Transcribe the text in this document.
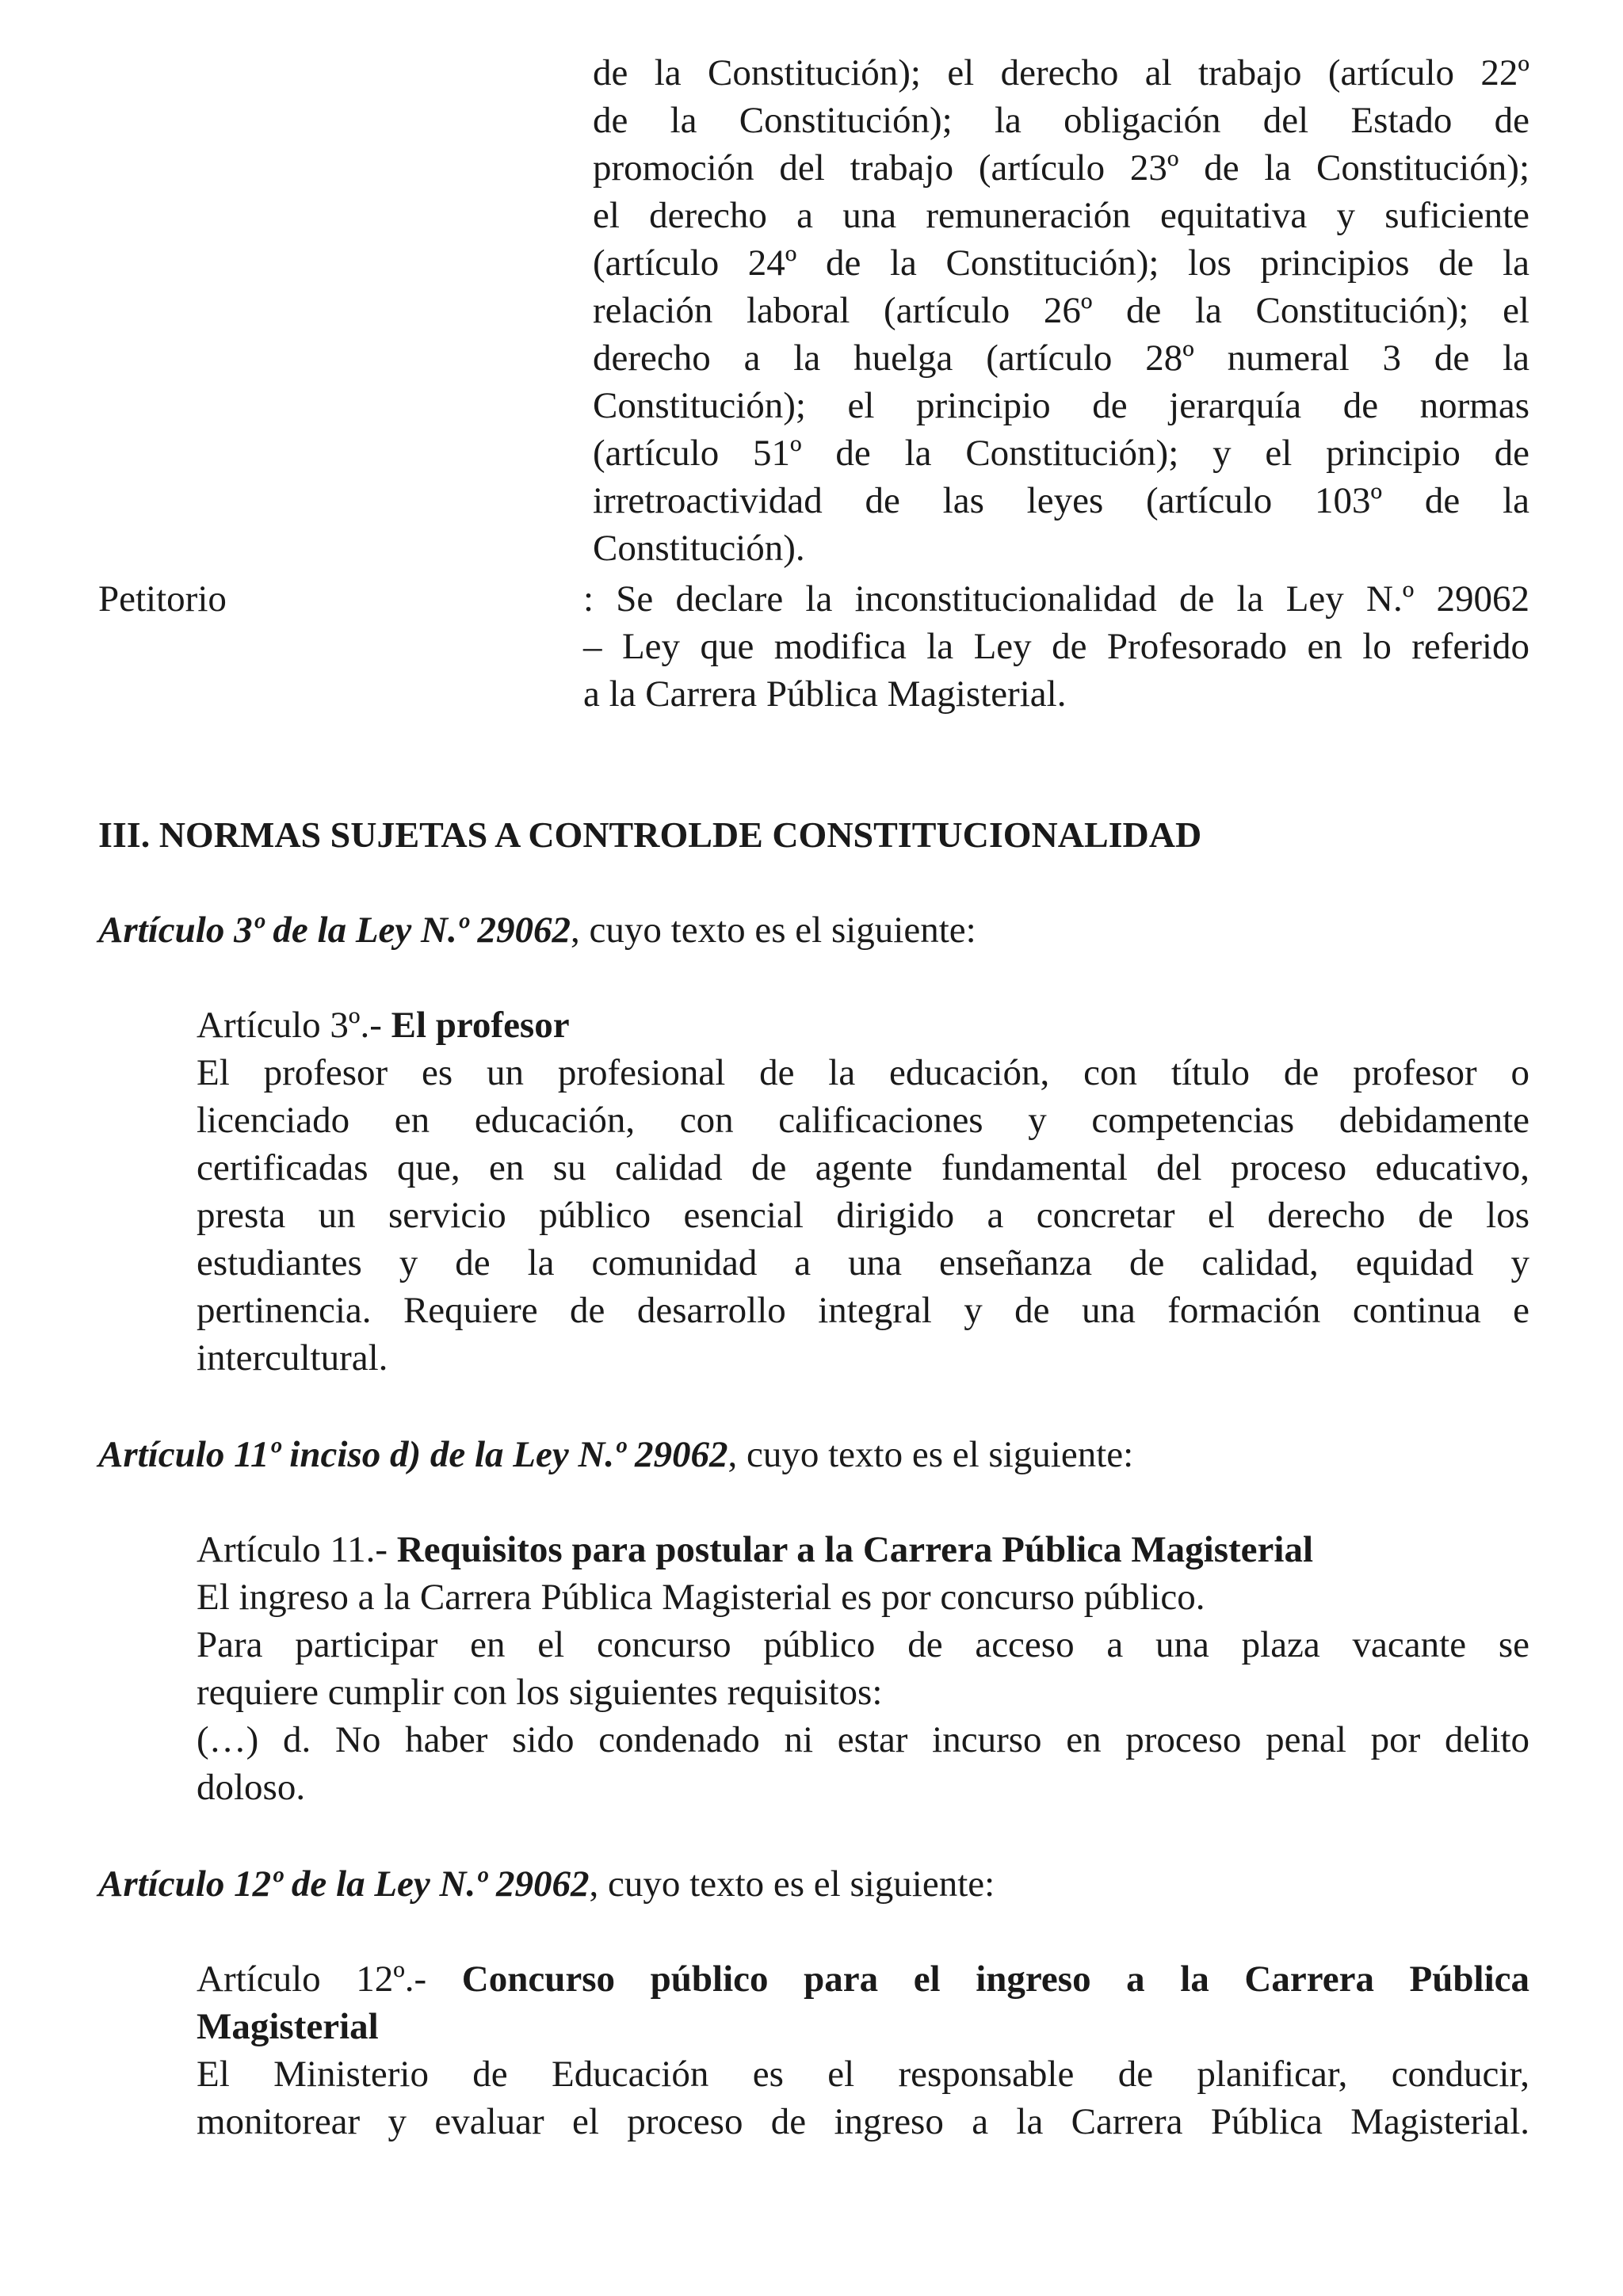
de la Constitución); el derecho al trabajo (artículo 22º
de la Constitución); la obligación del Estado de
promoción del trabajo (artículo 23º de la Constitución);
el derecho a una remuneración equitativa y suficiente
(artículo 24º de la Constitución); los principios de la
relación laboral (artículo 26º de la Constitución); el
derecho a la huelga (artículo 28º numeral 3 de la
Constitución); el principio de jerarquía de normas
(artículo 51º de la Constitución); y el principio de
irretroactividad de las leyes (artículo 103º de la
Constitución).
Petitorio	: Se declare la inconstitucionalidad de la Ley N.º 29062
– Ley que modifica la Ley de Profesorado en lo referido
a la Carrera Pública Magisterial.
III. NORMAS SUJETAS A CONTROLDE CONSTITUCIONALIDAD
Artículo 3º de la Ley N.º 29062, cuyo texto es el siguiente:
Artículo 3º.- El profesor
El profesor es un profesional de la educación, con título de profesor o
licenciado en educación, con calificaciones y competencias debidamente
certificadas que, en su calidad de agente fundamental del proceso educativo,
presta un servicio público esencial dirigido a concretar el derecho de los
estudiantes y de la comunidad a una enseñanza de calidad, equidad y
pertinencia. Requiere de desarrollo integral y de una formación continua e
intercultural.
Artículo 11º inciso d) de la Ley N.º 29062, cuyo texto es el siguiente:
Artículo 11.- Requisitos para postular a la Carrera Pública Magisterial
El ingreso a la Carrera Pública Magisterial es por concurso público.
Para participar en el concurso público de acceso a una plaza vacante se
requiere cumplir con los siguientes requisitos:
(…) d. No haber sido condenado ni estar incurso en proceso penal por delito
doloso.
Artículo 12º de la Ley N.º 29062, cuyo texto es el siguiente:
Artículo 12º.- Concurso público para el ingreso a la Carrera Pública
Magisterial
El Ministerio de Educación es el responsable de planificar, conducir,
monitorear y evaluar el proceso de ingreso a la Carrera Pública Magisterial.
